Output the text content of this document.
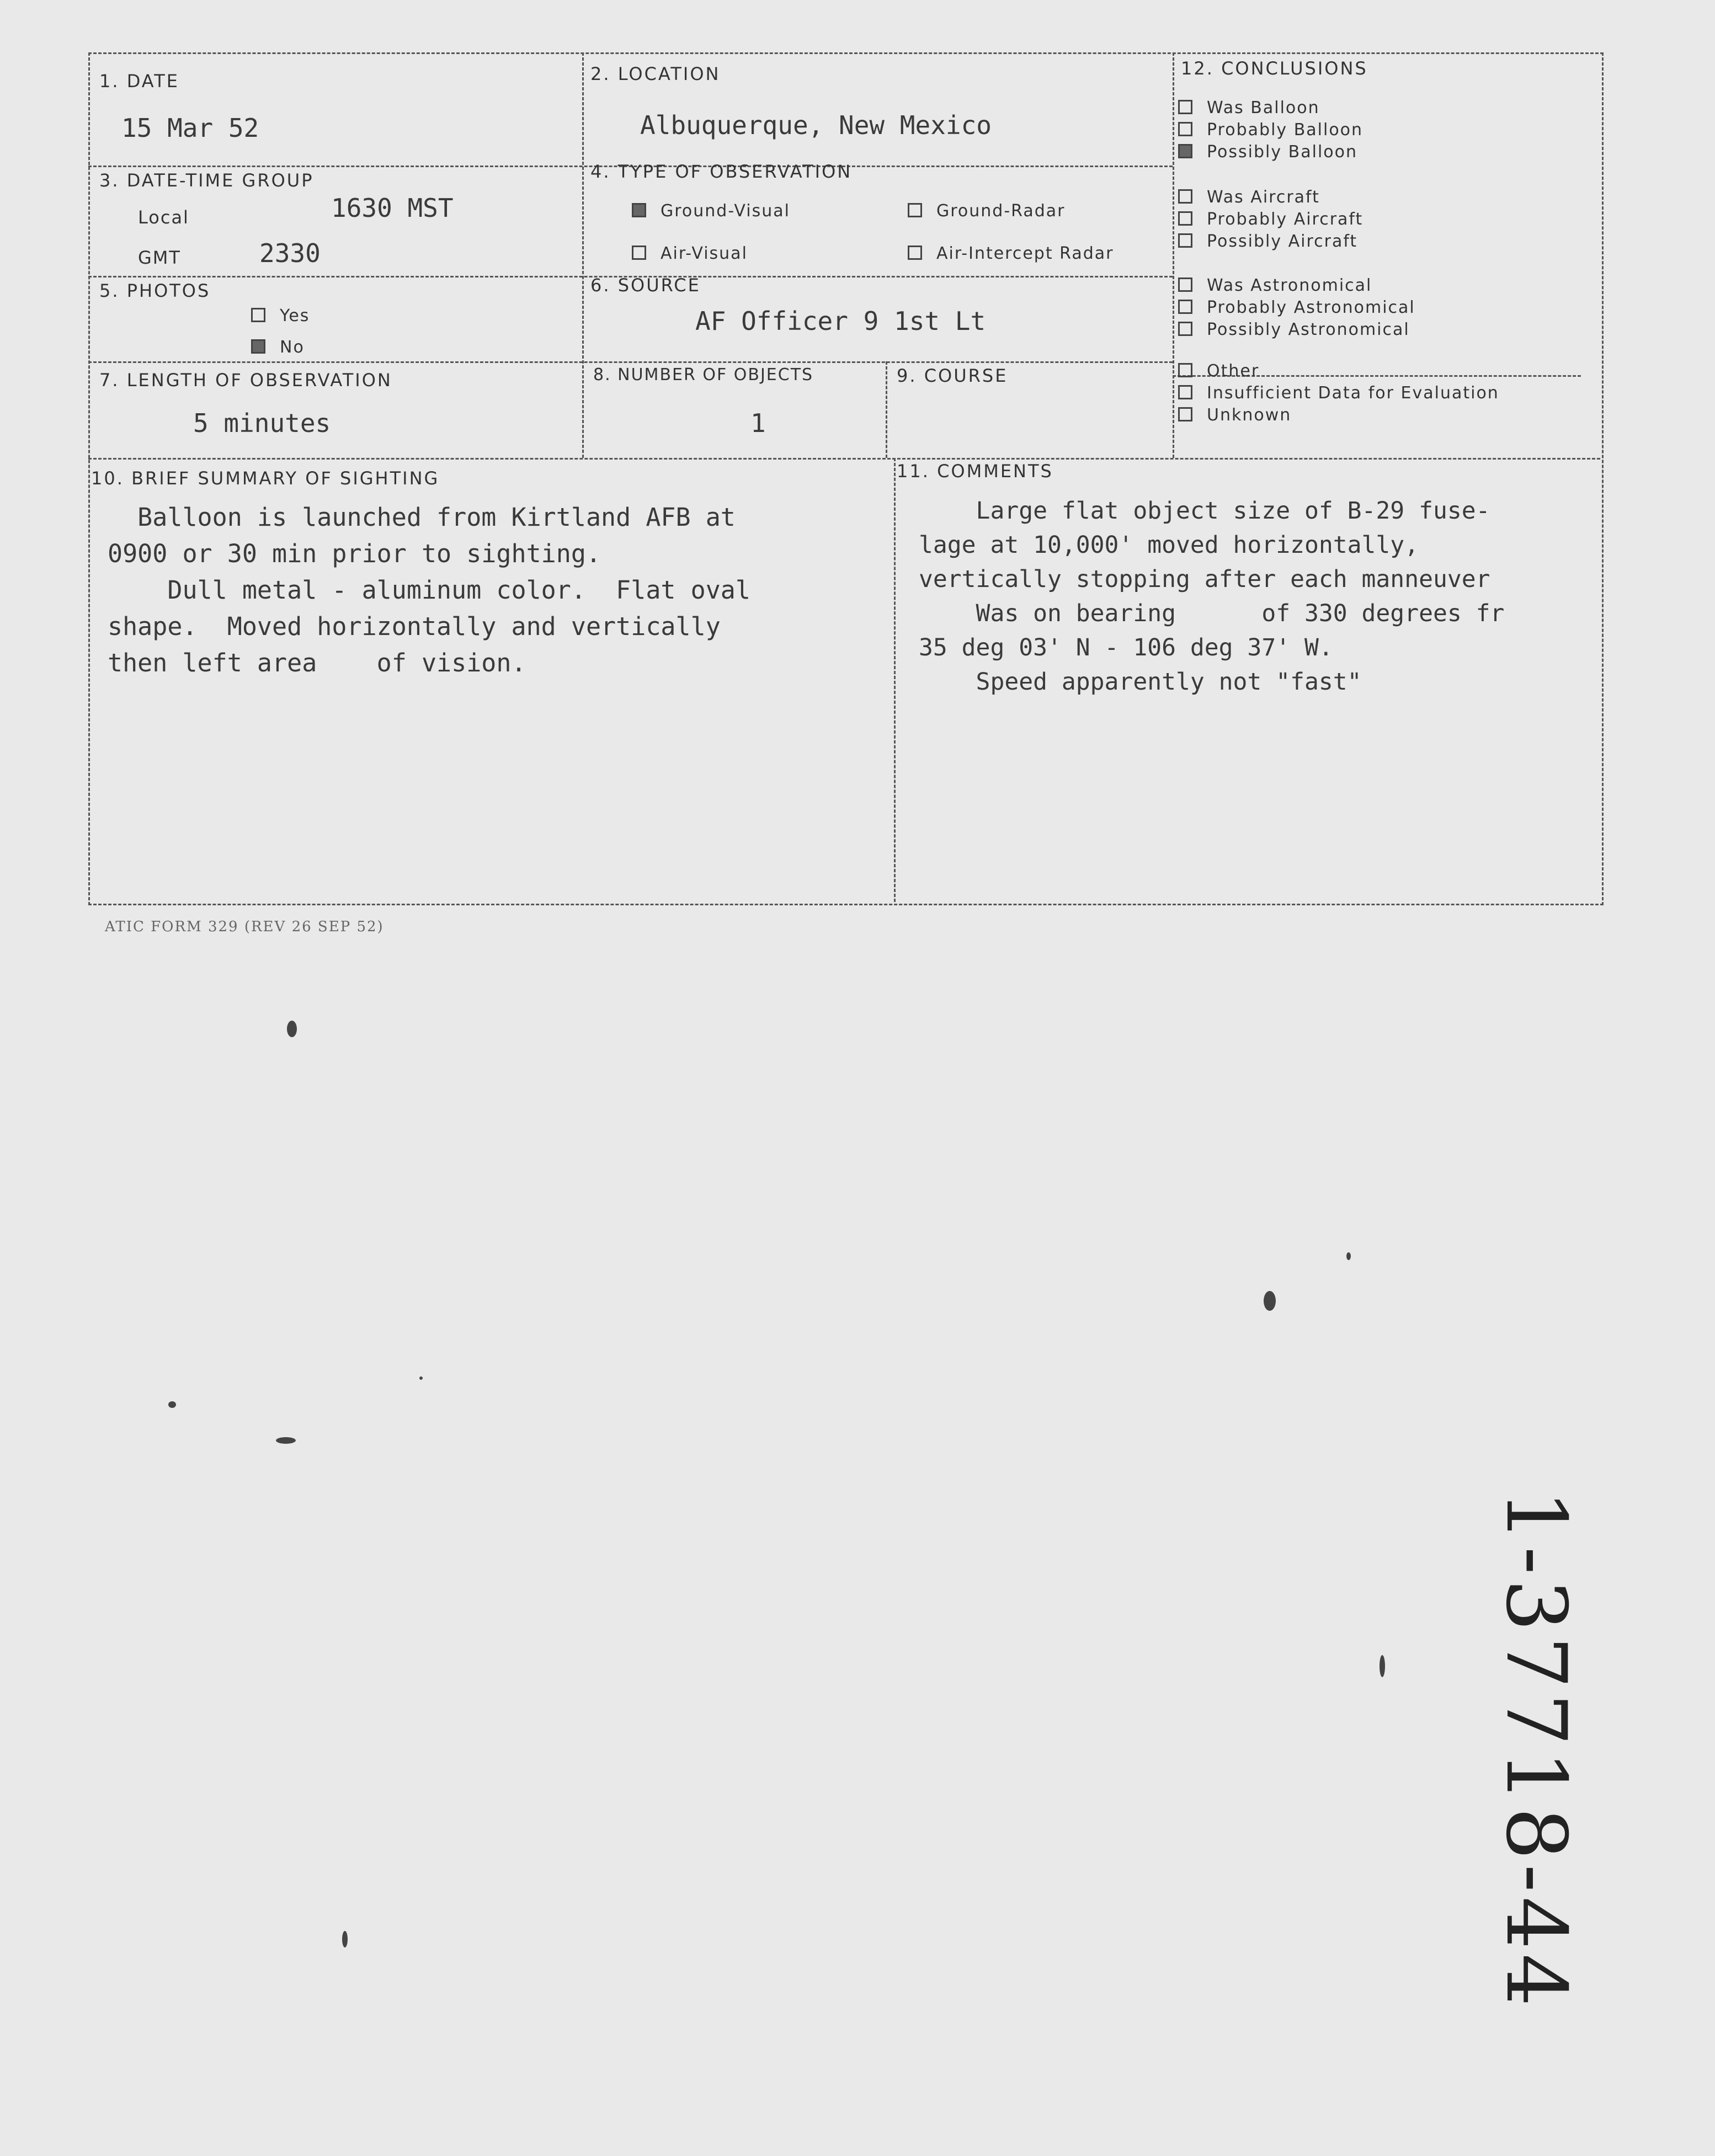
1. DATE
15 Mar 52
2. LOCATION
Albuquerque, New Mexico
3. DATE-TIME GROUP
Local	1630 MST
GMT	2330
4. TYPE OF OBSERVATION
Ground-Visual	Ground-Radar
Air-Visual	Air-Intercept Radar
5. PHOTOS
Yes
No
6. SOURCE
AF Officer 9 1st Lt
7. LENGTH OF OBSERVATION
5 minutes
8. NUMBER OF OBJECTS
1
9. COURSE
10. BRIEF SUMMARY OF SIGHTING
Balloon is launched from Kirtland AFB at
0900 or 30 min prior to sighting.
Dull metal - aluminum color.  Flat oval
shape.  Moved horizontally and vertically
then left area    of vision.
11. COMMENTS
Large flat object size of B-29 fuse-
lage at 10,000' moved horizontally,
vertically stopping after each manneuver
Was on bearing      of 330 degrees fr
35 deg 03' N - 106 deg 37' W.
Speed apparently not "fast"
12. CONCLUSIONS
Was Balloon
Probably Balloon
Possibly Balloon
Was Aircraft
Probably Aircraft
Possibly Aircraft
Was Astronomical
Probably Astronomical
Possibly Astronomical
Other
Insufficient Data for Evaluation
Unknown
ATIC FORM 329 (REV 26 SEP 52)
1-37718-44
